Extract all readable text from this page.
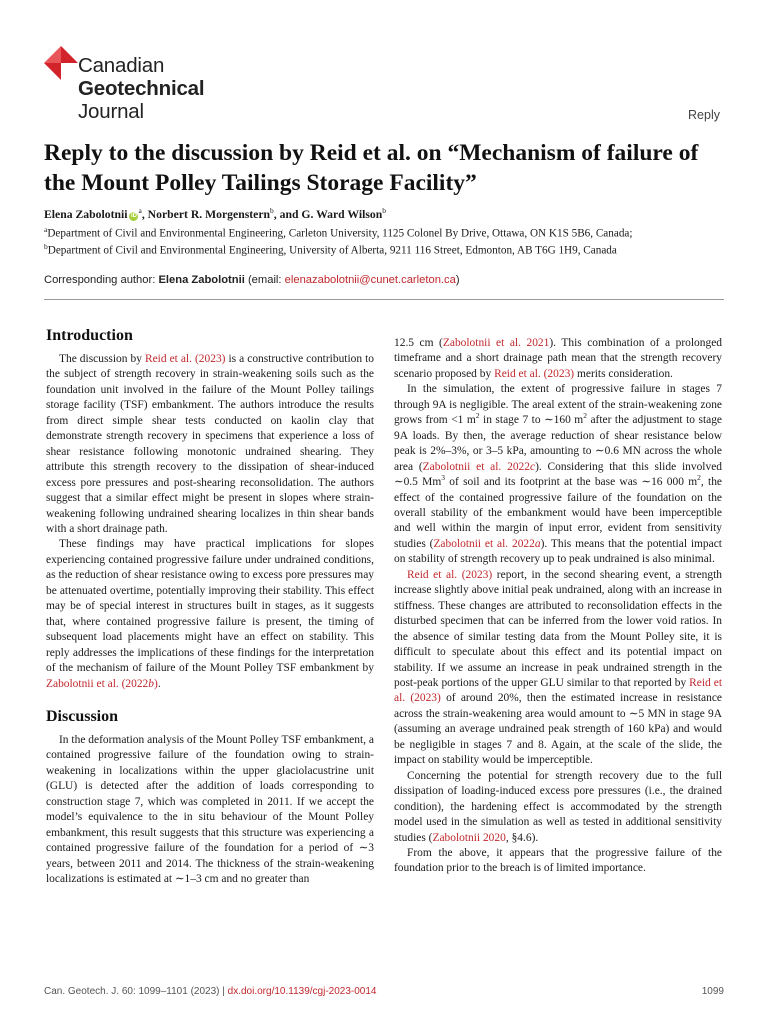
Canadian
Geotechnical
Journal	Reply
Reply to the discussion by Reid et al. on “Mechanism of failure of the Mount Polley Tailings Storage Facility”
Elena Zabolotnii $iD^a$, Norbert R. Morgenstern$^b$, and G. Ward Wilson$^b$
$^a$Department of Civil and Environmental Engineering, Carleton University, 1125 Colonel By Drive, Ottawa, ON K1S 5B6, Canada;
$^b$Department of Civil and Environmental Engineering, University of Alberta, 9211 116 Street, Edmonton, AB T6G 1H9, Canada
Corresponding author: Elena Zabolotnii (email: elenazabolotnii@cunet.carleton.ca)
Introduction

The discussion by Reid et al. (2023) is a constructive contribution to the subject of strength recovery in strain-weakening soils such as the foundation unit involved in the failure of the Mount Polley tailings storage facility (TSF) embankment. The authors introduce the results from direct simple shear tests conducted on kaolin clay that demonstrate strength recovery in specimens that experience a loss of shear resistance following monotonic undrained shearing. They attribute this strength recovery to the dissipation of shear-induced excess pore pressures and post-shearing reconsolidation. The authors suggest that a similar effect might be present in slopes where strain-weakening following undrained shearing localizes in thin shear bands with a short drainage path.

These findings may have practical implications for slopes experiencing contained progressive failure under undrained conditions, as the reduction of shear resistance owing to excess pore pressures may be attenuated overtime, potentially improving their stability. This effect may be of special interest in structures built in stages, as it suggests that, where contained progressive failure is present, the timing of subsequent load placements might have an effect on stability. This reply addresses the implications of these findings for the interpretation of the mechanism of failure of the Mount Polley TSF embankment by Zabolotnii et al. (2022b).

Discussion

In the deformation analysis of the Mount Polley TSF embankment, a contained progressive failure of the foundation owing to strain-weakening in localizations within the upper glaciolacustrine unit (GLU) is detected after the addition of loads corresponding to construction stage 7, which was completed in 2011. If we accept the model’s equivalence to the in situ behaviour of the Mount Polley embankment, this result suggests that this structure was experiencing a contained progressive failure of the foundation for a period of ∼3 years, between 2011 and 2014. The thickness of the strain-weakening localizations is estimated at ∼1–3 cm and no greater than

12.5 cm (Zabolotnii et al. 2021). This combination of a prolonged timeframe and a short drainage path mean that the strength recovery scenario proposed by Reid et al. (2023) merits consideration.

In the simulation, the extent of progressive failure in stages 7 through 9A is negligible. The areal extent of the strain-weakening zone grows from <1 $m^2$ in stage 7 to ∼160 $m^2$ after the adjustment to stage 9A loads. By then, the average reduction of shear resistance below peak is 2%–3%, or 3–5 kPa, amounting to ∼0.6 MN across the whole area (Zabolotnii et al. 2022c). Considering that this slide involved ∼0.5 Mm$^3$ of soil and its footprint at the base was ∼16 000 $m^2$, the effect of the contained progressive failure of the foundation on the overall stability of the embankment would have been imperceptible and well within the margin of input error, evident from sensitivity studies (Zabolotnii et al. 2022a). This means that the potential impact on stability of strength recovery up to peak undrained is also minimal.

Reid et al. (2023) report, in the second shearing event, a strength increase slightly above initial peak undrained, along with an increase in stiffness. These changes are attributed to reconsolidation effects in the disturbed specimen that can be inferred from the lower void ratios. In the absence of similar testing data from the Mount Polley site, it is difficult to speculate about this effect and its potential impact on stability. If we assume an increase in peak undrained strength in the post-peak portions of the upper GLU similar to that reported by Reid et al. (2023) of around 20%, then the estimated increase in resistance across the strain-weakening area would amount to ∼5 MN in stage 9A (assuming an average undrained peak strength of 160 kPa) and would be negligible in stages 7 and 8. Again, at the scale of the slide, the impact on stability would be imperceptible.

Concerning the potential for strength recovery due to the full dissipation of loading-induced excess pore pressures (i.e., the drained condition), the hardening effect is accommodated by the strength model used in the simulation as well as tested in additional sensitivity studies (Zabolotnii 2020, §4.6).

From the above, it appears that the progressive failure of the foundation prior to the breach is of limited importance.

Can. Geotech. J. 60: 1099–1101 (2023) | dx.doi.org/10.1139/cgj-2023-0014	1099
